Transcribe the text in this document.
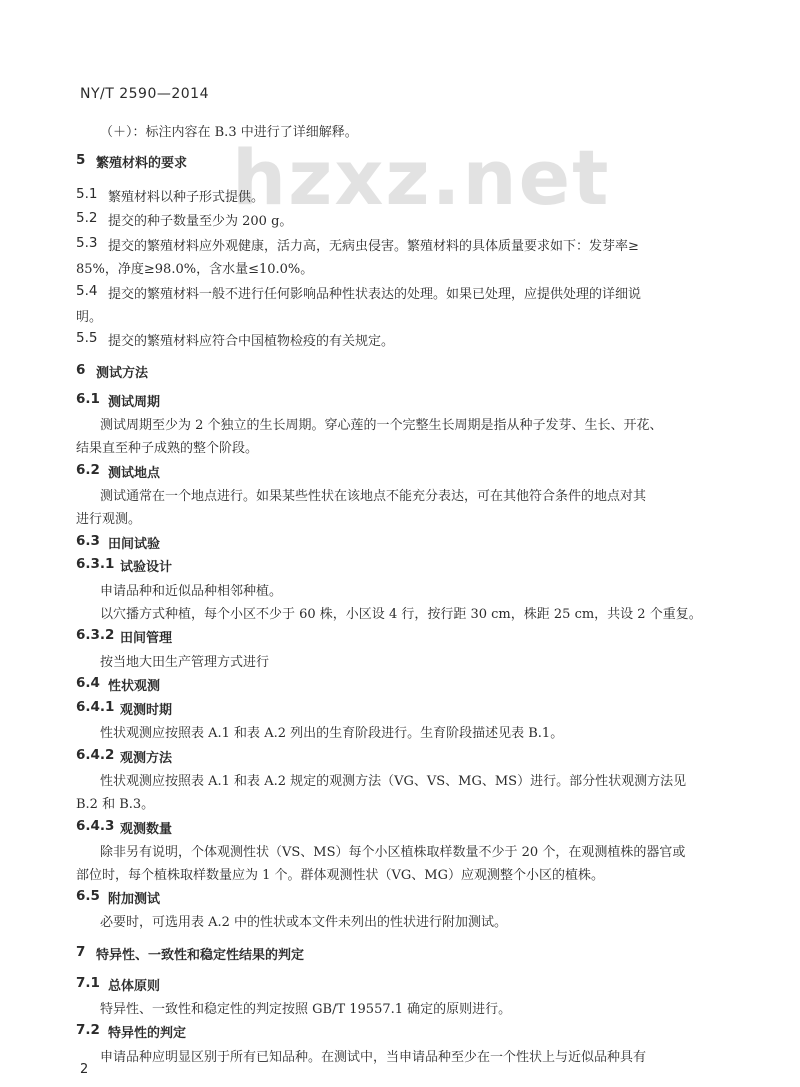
NY/T 2590—2014
hzxz.net
（＋）：标注内容在 B.3 中进行了详细解释。
5 繁殖材料的要求
5.1 繁殖材料以种子形式提供。
5.2 提交的种子数量至少为 200 g。
5.3 提交的繁殖材料应外观健康，活力高，无病虫侵害。繁殖材料的具体质量要求如下：发芽率≥
85%，净度≥98.0%，含水量≤10.0%。
5.4 提交的繁殖材料一般不进行任何影响品种性状表达的处理。如果已处理，应提供处理的详细说
明。
5.5 提交的繁殖材料应符合中国植物检疫的有关规定。
6 测试方法
6.1 测试周期
测试周期至少为 2 个独立的生长周期。穿心莲的一个完整生长周期是指从种子发芽、生长、开花、
结果直至种子成熟的整个阶段。
6.2 测试地点
测试通常在一个地点进行。如果某些性状在该地点不能充分表达，可在其他符合条件的地点对其
进行观测。
6.3 田间试验
6.3.1 试验设计
申请品种和近似品种相邻种植。
以穴播方式种植，每个小区不少于 60 株，小区设 4 行，按行距 30 cm，株距 25 cm，共设 2 个重复。
6.3.2 田间管理
按当地大田生产管理方式进行
6.4 性状观测
6.4.1 观测时期
性状观测应按照表 A.1 和表 A.2 列出的生育阶段进行。生育阶段描述见表 B.1。
6.4.2 观测方法
性状观测应按照表 A.1 和表 A.2 规定的观测方法（VG、VS、MG、MS）进行。部分性状观测方法见
B.2 和 B.3。
6.4.3 观测数量
除非另有说明，个体观测性状（VS、MS）每个小区植株取样数量不少于 20 个，在观测植株的器官或
部位时，每个植株取样数量应为 1 个。群体观测性状（VG、MG）应观测整个小区的植株。
6.5 附加测试
必要时，可选用表 A.2 中的性状或本文件未列出的性状进行附加测试。
7 特异性、一致性和稳定性结果的判定
7.1 总体原则
特异性、一致性和稳定性的判定按照 GB/T 19557.1 确定的原则进行。
7.2 特异性的判定
申请品种应明显区别于所有已知品种。在测试中，当申请品种至少在一个性状上与近似品种具有
2
